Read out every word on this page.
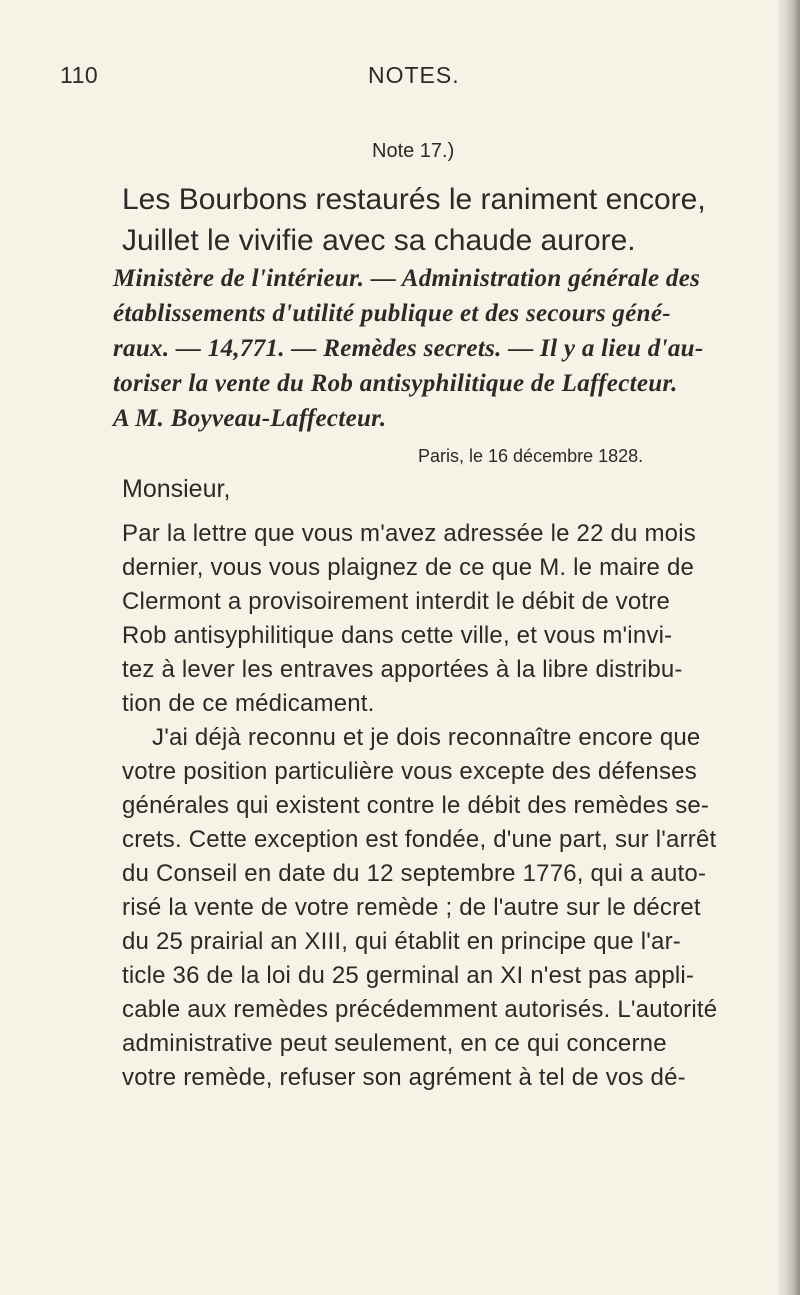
110	NOTES.
Note 17.)
Les Bourbons restaurés le raniment encore,
Juillet le vivifie avec sa chaude aurore.
Ministère de l'intérieur. — Administration générale des
établissements d'utilité publique et des secours géné-
raux. — 14,771. — Remèdes secrets. — Il y a lieu d'au-
toriser la vente du Rob antisyphilitique de Laffecteur.
A M. Boyveau-Laffecteur.
Paris, le 16 décembre 1828.
Monsieur,
Par la lettre que vous m'avez adressée le 22 du mois
dernier, vous vous plaignez de ce que M. le maire de
Clermont a provisoirement interdit le débit de votre
Rob antisyphilitique dans cette ville, et vous m'invi-
tez à lever les entraves apportées à la libre distribu-
tion de ce médicament.
J'ai déjà reconnu et je dois reconnaître encore que
votre position particulière vous excepte des défenses
générales qui existent contre le débit des remèdes se-
crets. Cette exception est fondée, d'une part, sur l'arrêt
du Conseil en date du 12 septembre 1776, qui a auto-
risé la vente de votre remède ; de l'autre sur le décret
du 25 prairial an XIII, qui établit en principe que l'ar-
ticle 36 de la loi du 25 germinal an XI n'est pas appli-
cable aux remèdes précédemment autorisés. L'autorité
administrative peut seulement, en ce qui concerne
votre remède, refuser son agrément à tel de vos dé-
